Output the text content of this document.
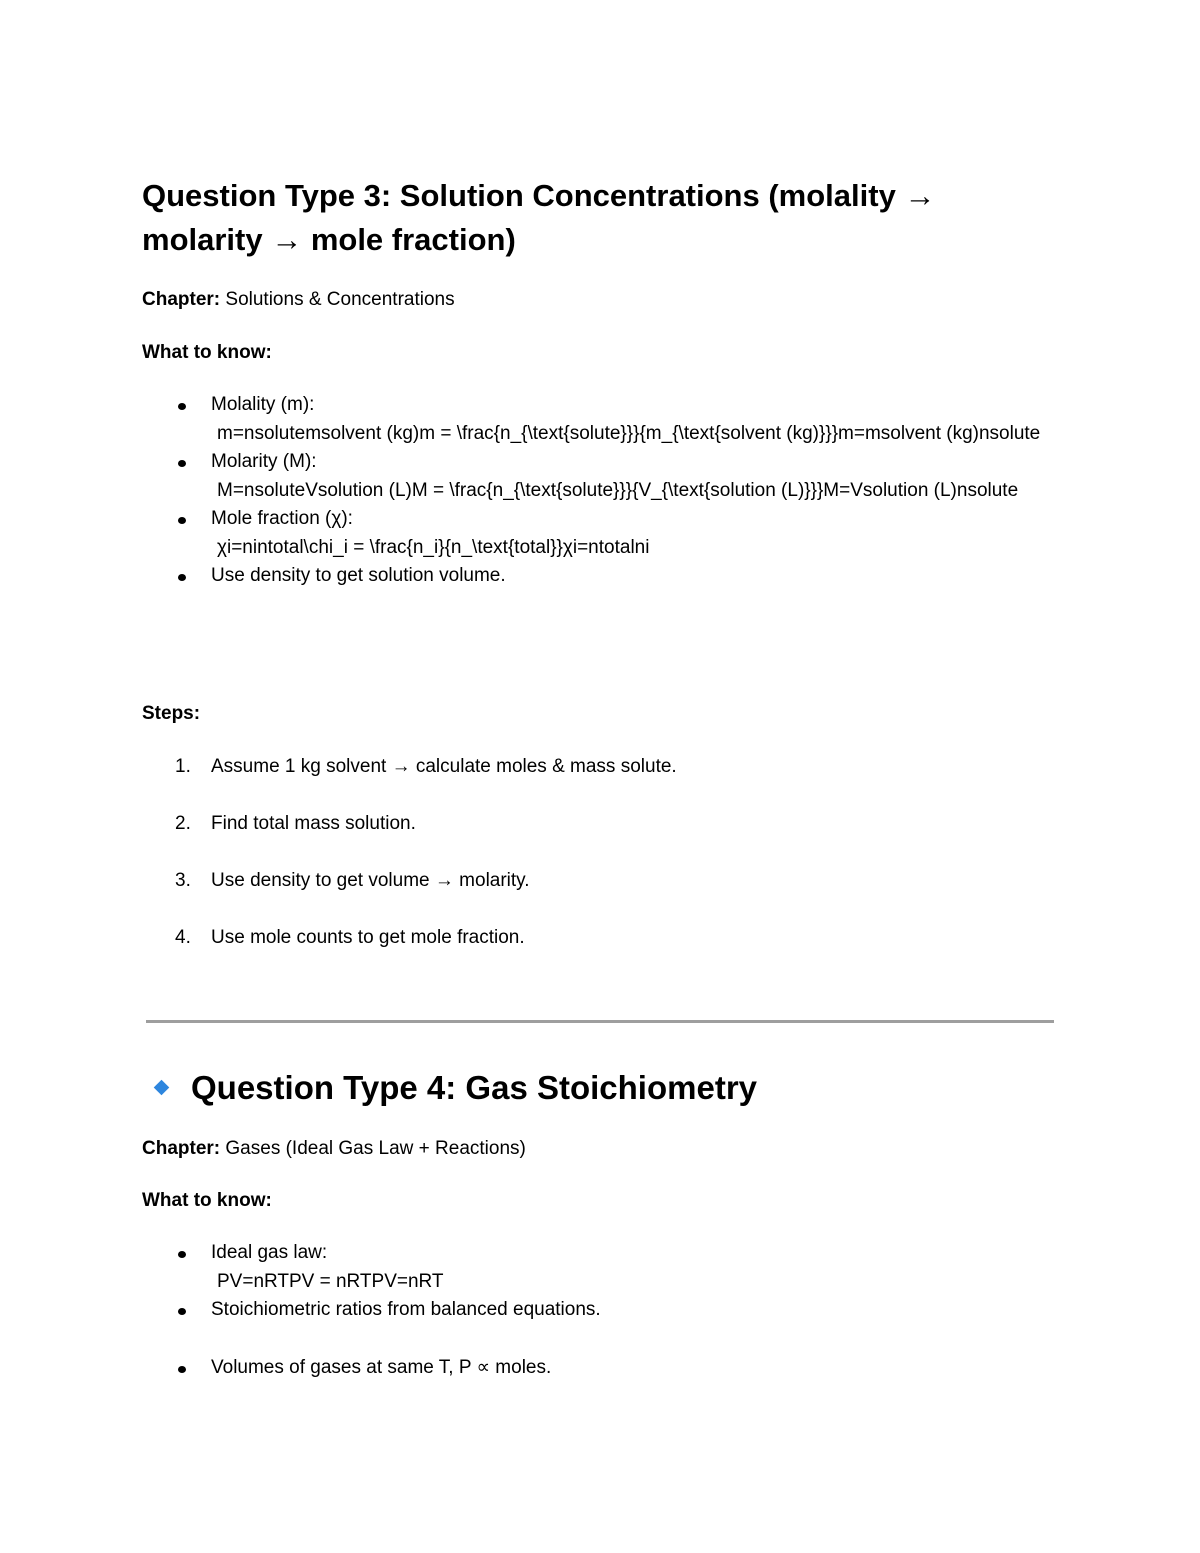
Question Type 3: Solution Concentrations (molality → molarity → mole fraction)

Chapter: Solutions & Concentrations

What to know:

Molality (m):
m=nsolutemsolvent (kg)m = \frac{n_{\text{solute}}}{m_{\text{solvent (kg)}}}m=msolvent (kg)nsolute
Molarity (M):
M=nsoluteVsolution (L)M = \frac{n_{\text{solute}}}{V_{\text{solution (L)}}}M=Vsolution (L)nsolute
Mole fraction (χ):
χi=nintotal\chi_i = \frac{n_i}{n_\text{total}}χi=ntotalni
Use density to get solution volume.

Steps:

1. Assume 1 kg solvent → calculate moles & mass solute.
2. Find total mass solution.
3. Use density to get volume → molarity.
4. Use mole counts to get mole fraction.
Question Type 4: Gas Stoichiometry

Chapter: Gases (Ideal Gas Law + Reactions)

What to know:

Ideal gas law:
PV=nRTPV = nRTPV=nRT
Stoichiometric ratios from balanced equations.
Volumes of gases at same T, P ∝ moles.
